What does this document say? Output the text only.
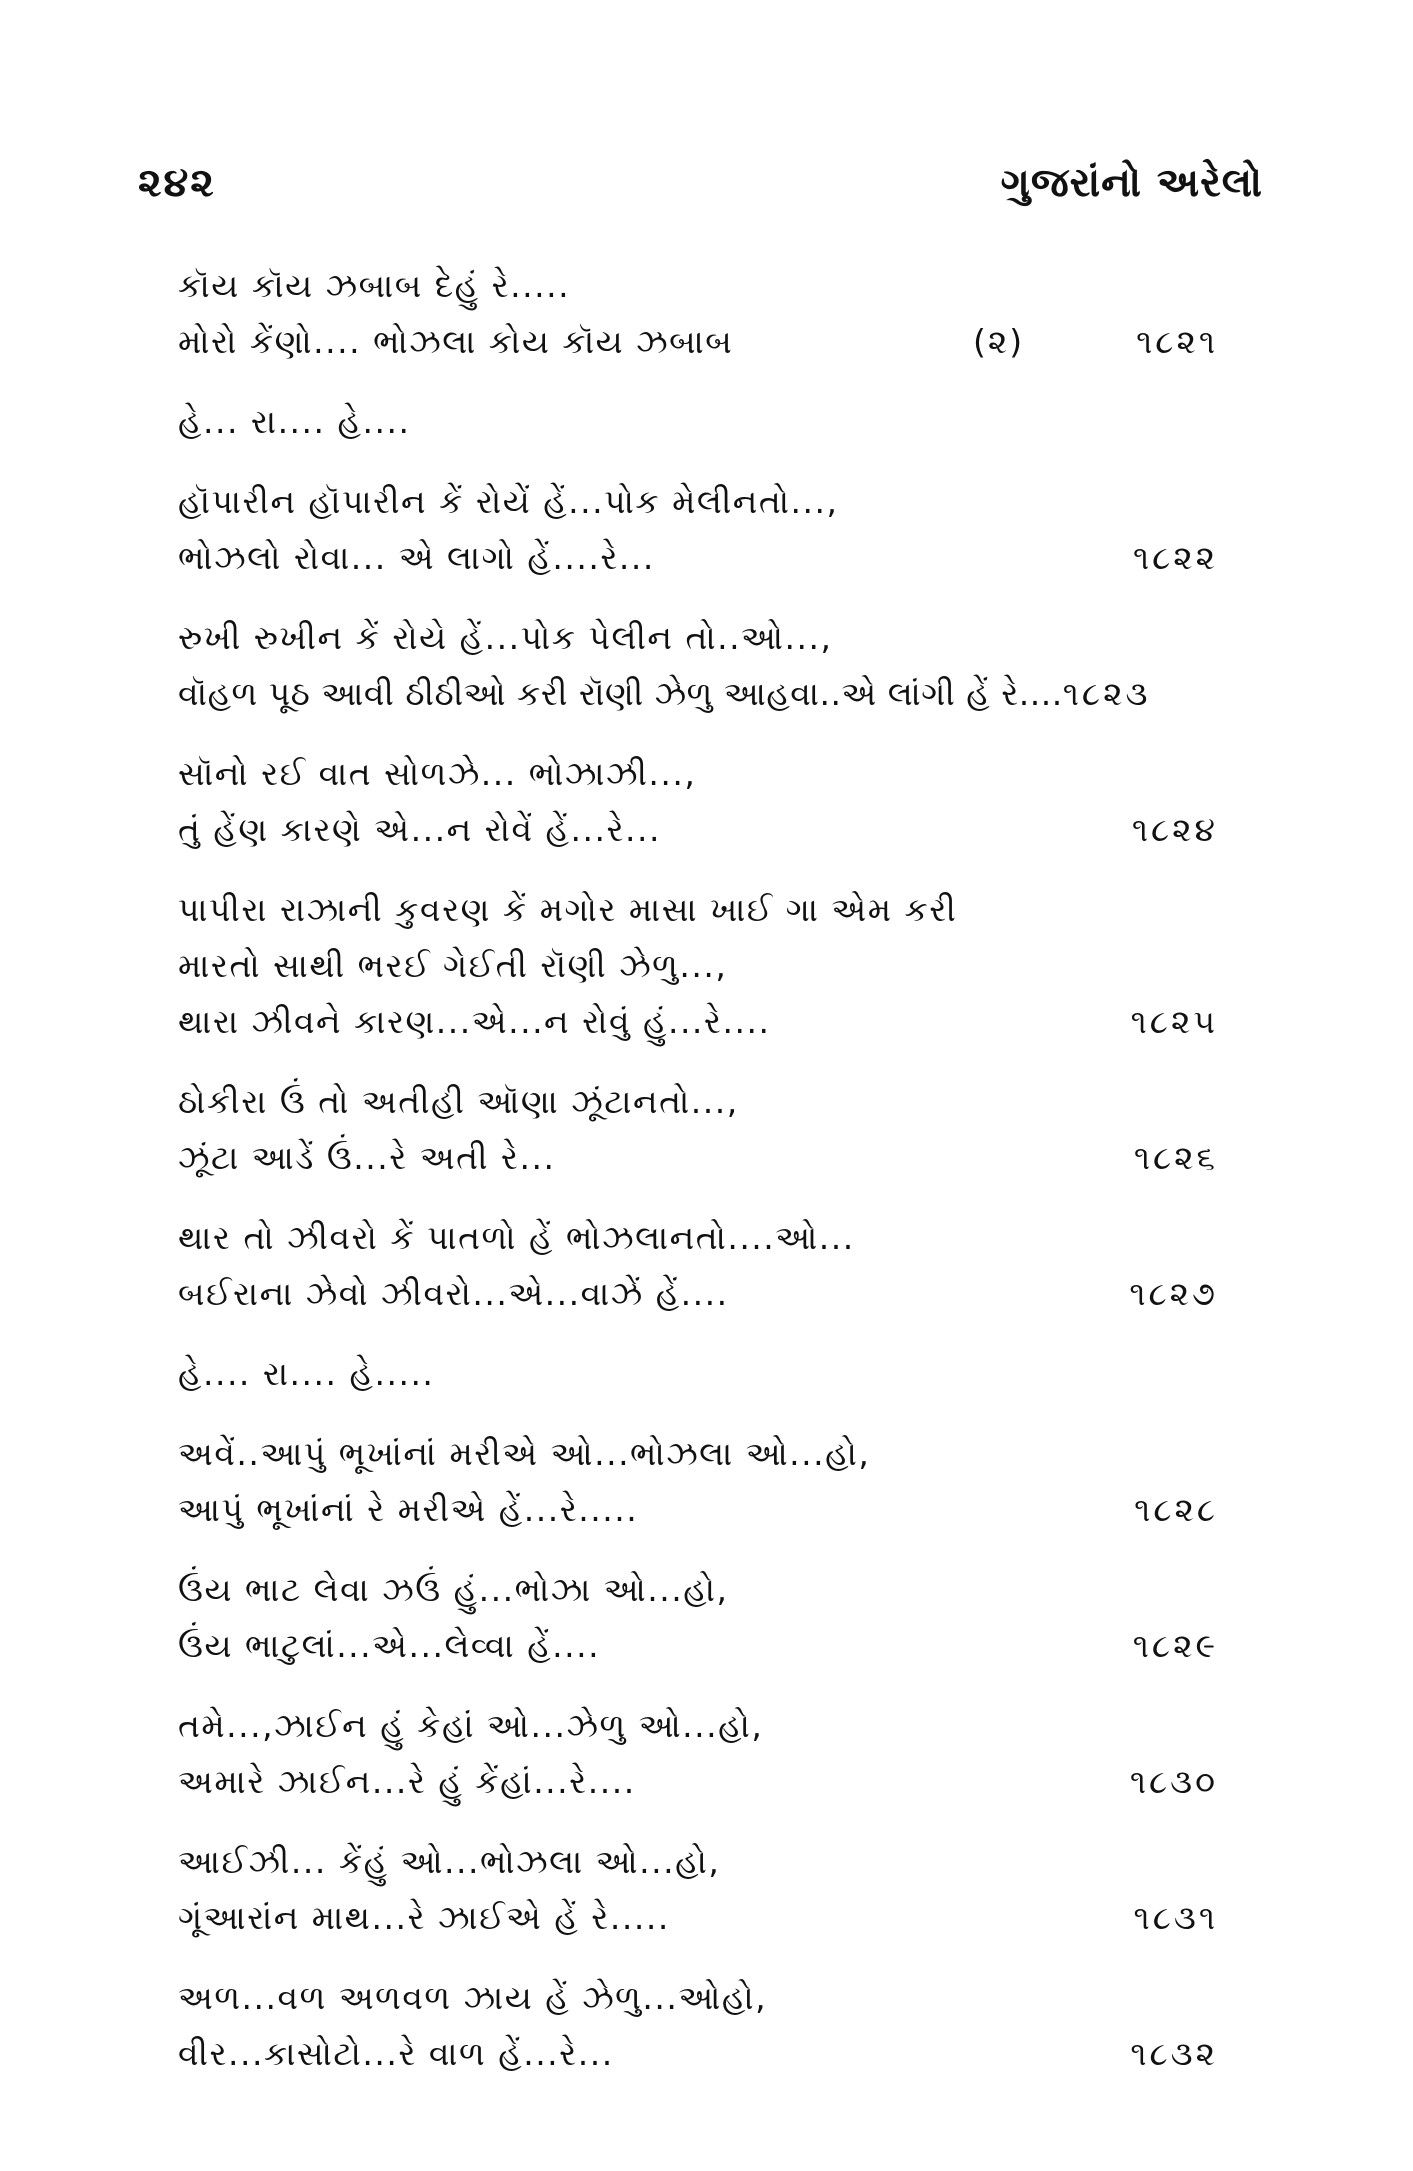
૨૪૨	ગુજરાંનો અરેલો
કૉય કૉય ઝબાબ દેહું રે.....
મોરો કેંણો.... ભોઝલા કોય કૉય ઝબાબ	(૨)	૧૮૨૧
હે... રા.... હે....
હૉપારીન હૉપારીન કેં રોયેં હેં...પોક મેલીનતો...,
ભોઝલો રોવા... એ લાગો હેં....રે...	૧૮૨૨
રુખી રુખીન કેં રોયે હેં...પોક પેલીન તો..ઓ...,
વૉહળ પૂઠ આવી ઠીઠીઓ કરી રૉણી ઝેળુ આહવા..એ લાંગી હેં રે....૧૮૨૩
સૉનો રઈ વાત સોળઝે... ભોઝાઝી...,
તું હેંણ કારણે એ...ન રોવેં હેં...રે...	૧૮૨૪
પાપીરા રાઝાની કુવરણ કેં મગોર માસા ખાઈ ગા એમ કરી
મારતો સાથી ભરઈ ગેઈતી રૉણી ઝેળુ...,
થારા ઝીવને કારણ...એ...ન રોવું હું...રે....	૧૮૨૫
ઠોકીરા ઉં તો અતીહી ઑણા ઝૂંટાનતો...,
ઝૂંટા આડેં ઉં...રે અતી રે...	૧૮૨૬
થાર તો ઝીવરો કેં પાતળો હેં ભોઝલાનતો....ઓ...
બઈરાના ઝેવો ઝીવરો...એ...વાઝેં હેં....	૧૮૨૭
હે.... રા.... હે.....
અવેં..આપું ભૂખાંનાં મરીએ ઓ...ભોઝલા ઓ...હો,
આપું ભૂખાંનાં રે મરીએ હેં...રે.....	૧૮૨૮
ઉંય ભાટ લેવા ઝઉં હું...ભોઝા ઓ...હો,
ઉંય ભાટુલાં...એ...લેવ્વા હેં....	૧૮૨૯
તમે...,ઝાઈન હું કેહાં ઓ...ઝેળુ ઓ...હો,
અમારે ઝાઈન...રે હું કેંહાં...રે....	૧૮૩૦
આઈઝી... કેંહું ઓ...ભોઝલા ઓ...હો,
ગૂંઆરાંન માથ...રે ઝાઈએ હેં રે.....	૧૮૩૧
અળ...વળ અળવળ ઝાય હેં ઝેળુ...ઓહો,
વીર...કાસોટો...રે વાળ હેં...રે...	૧૮૩૨
